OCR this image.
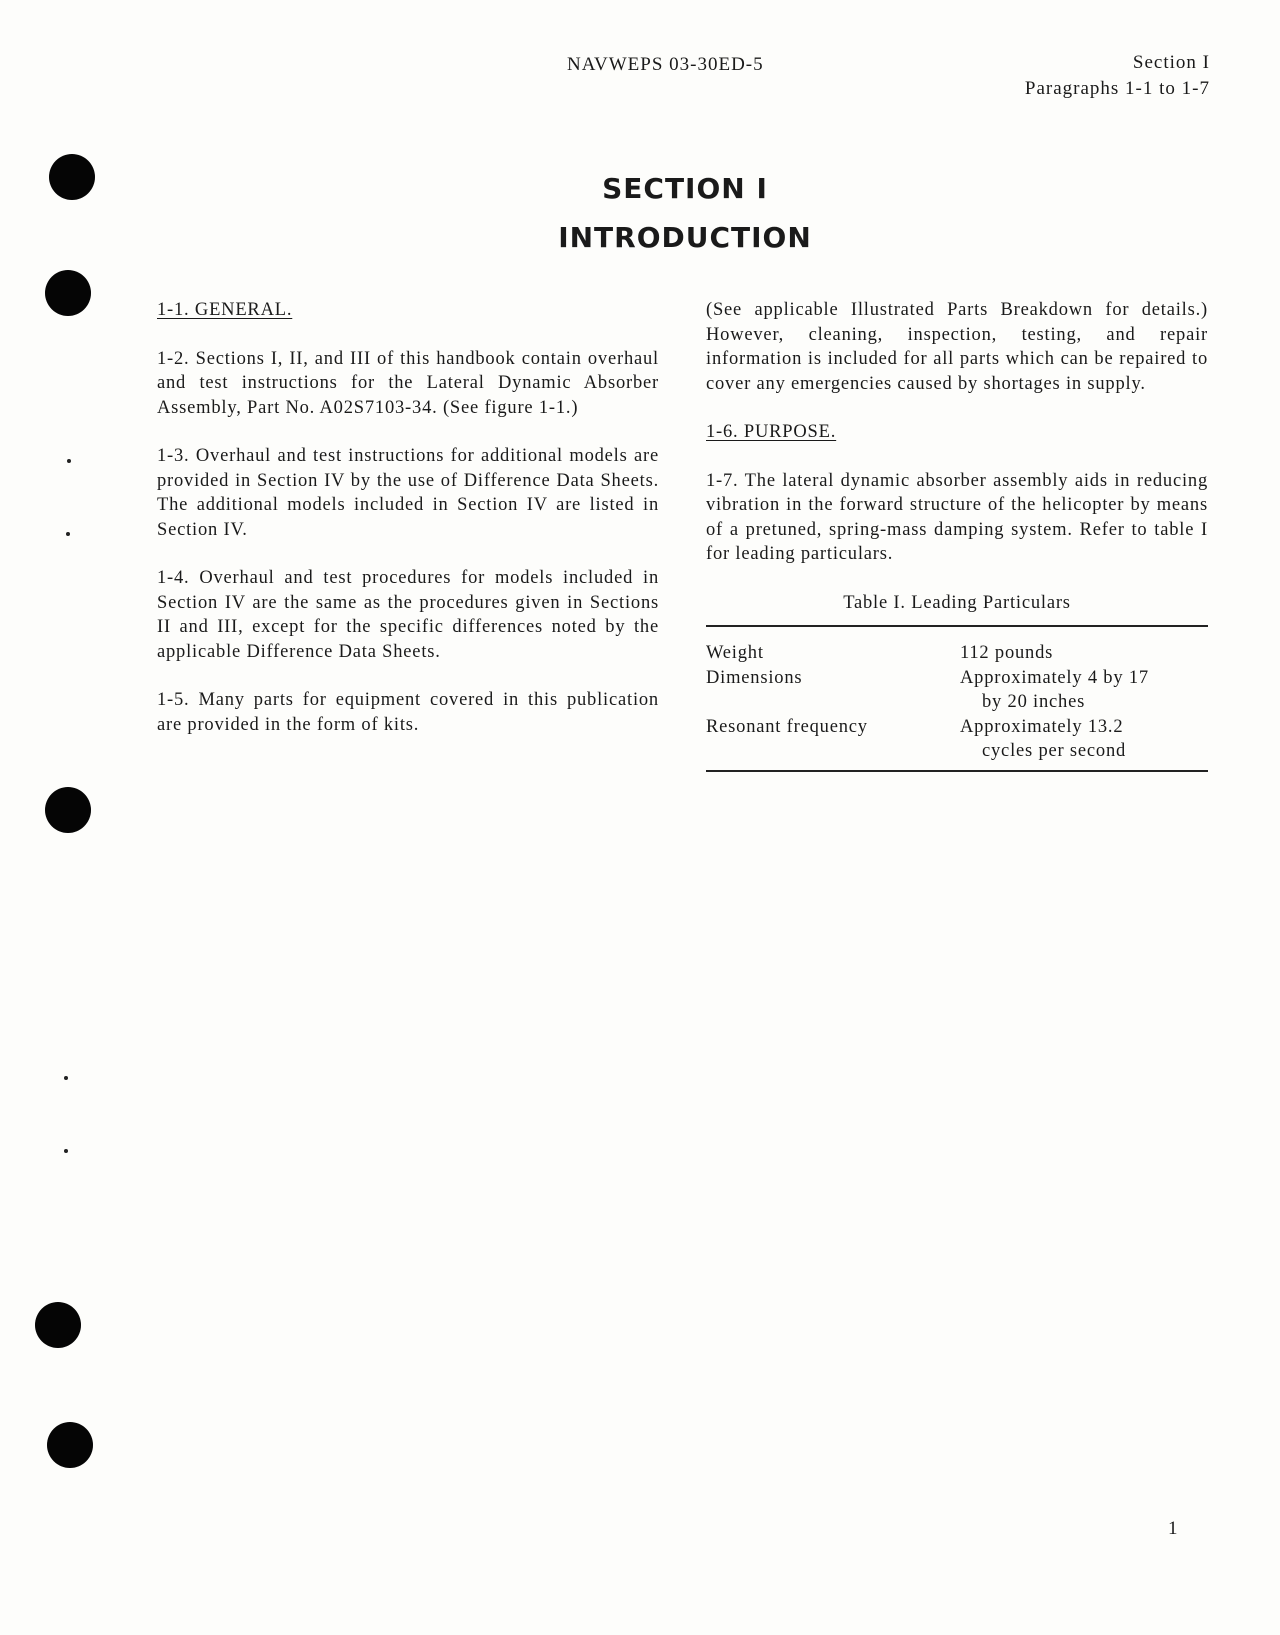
NAVWEPS 03-30ED-5	Section I
Paragraphs 1-1 to 1-7
SECTION I
INTRODUCTION

1-1. GENERAL.

1-2. Sections I, II, and III of this handbook contain overhaul and test instructions for the Lateral Dynamic Absorber Assembly, Part No. A02S7103-34. (See figure 1-1.)

1-3. Overhaul and test instructions for additional models are provided in Section IV by the use of Difference Data Sheets. The additional models included in Section IV are listed in Section IV.

1-4. Overhaul and test procedures for models included in Section IV are the same as the procedures given in Sections II and III, except for the specific differences noted by the applicable Difference Data Sheets.

1-5. Many parts for equipment covered in this publication are provided in the form of kits.

(See applicable Illustrated Parts Breakdown for details.) However, cleaning, inspection, testing, and repair information is included for all parts which can be repaired to cover any emergencies caused by shortages in supply.

1-6. PURPOSE.

1-7. The lateral dynamic absorber assembly aids in reducing vibration in the forward structure of the helicopter by means of a pretuned, spring-mass damping system. Refer to table I for leading particulars.

Table I. Leading Particulars

Weight	112 pounds
Dimensions	Approximately 4 by 17
by 20 inches

Resonant frequency	Approximately 13.2
cycles per second

1
